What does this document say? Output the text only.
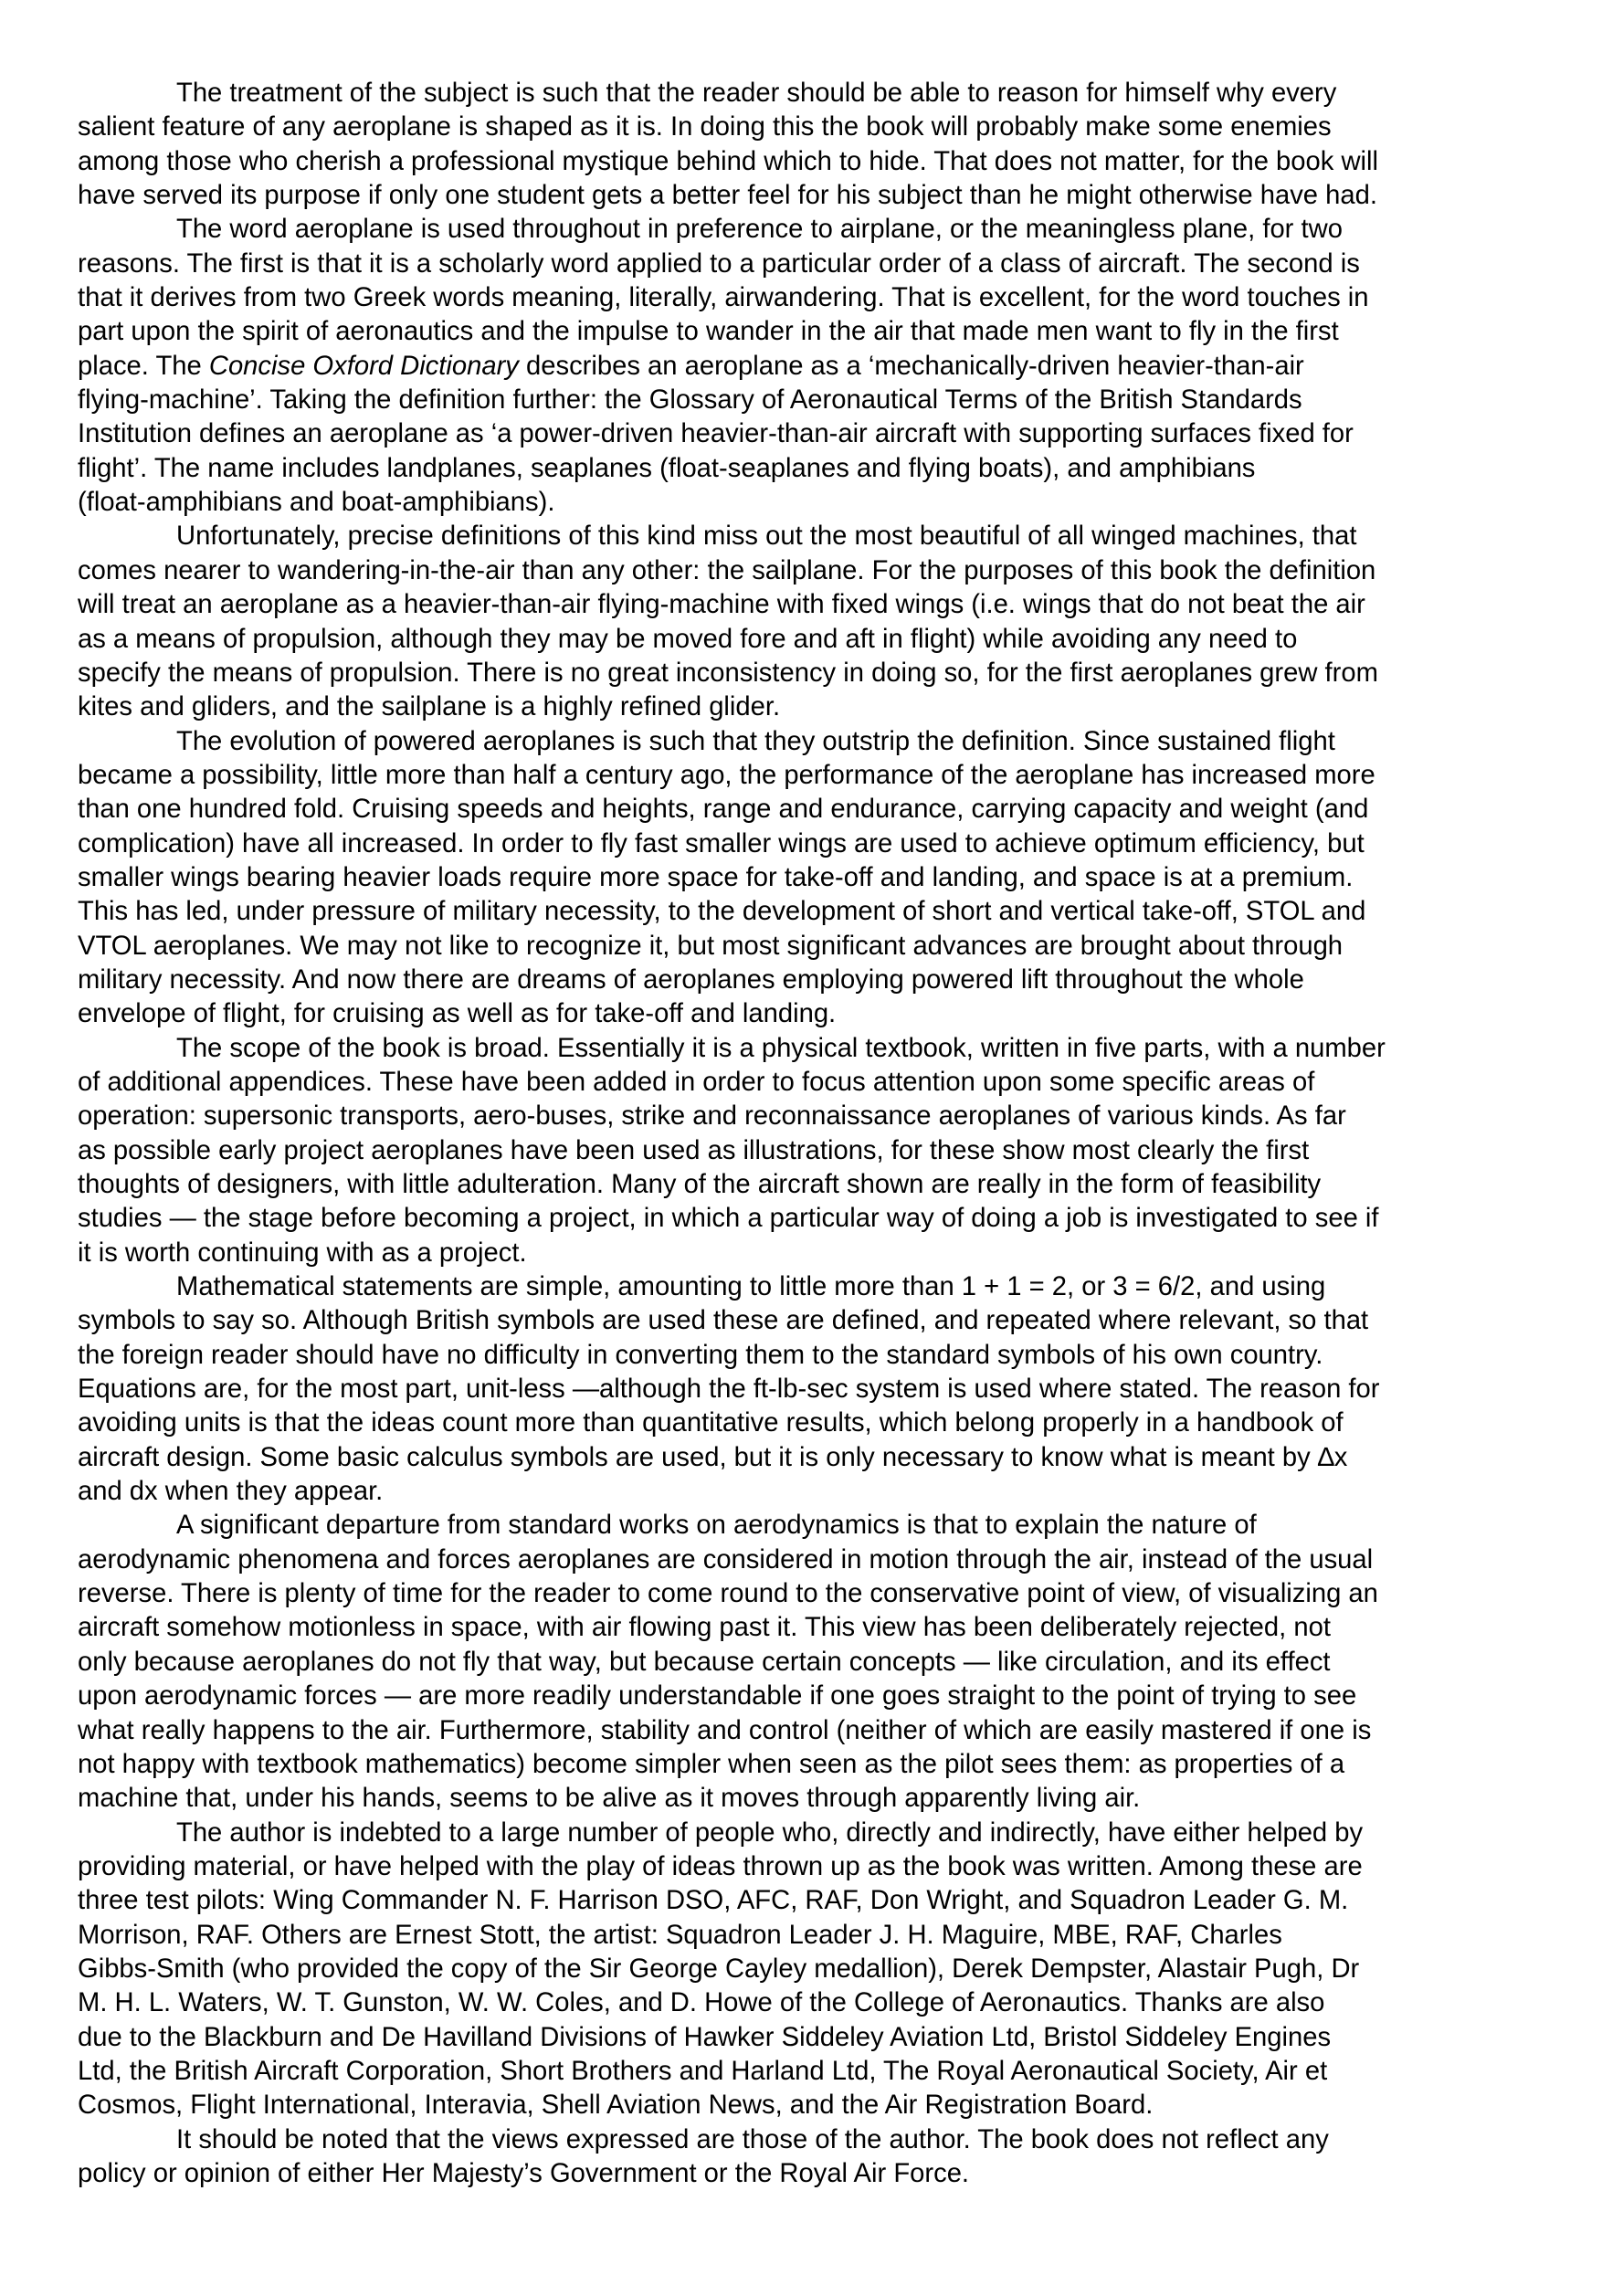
The treatment of the subject is such that the reader should be able to reason for himself why every
salient feature of any aeroplane is shaped as it is. In doing this the book will probably make some enemies
among those who cherish a professional mystique behind which to hide. That does not matter, for the book will
have served its purpose if only one student gets a better feel for his subject than he might otherwise have had.
The word aeroplane is used throughout in preference to airplane, or the meaningless plane, for two
reasons. The first is that it is a scholarly word applied to a particular order of a class of aircraft. The second is
that it derives from two Greek words meaning, literally, airwandering. That is excellent, for the word touches in
part upon the spirit of aeronautics and the impulse to wander in the air that made men want to fly in the first
place. The Concise Oxford Dictionary describes an aeroplane as a ‘mechanically-driven heavier-than-air
flying-machine’. Taking the definition further: the Glossary of Aeronautical Terms of the British Standards
Institution defines an aeroplane as ‘a power-driven heavier-than-air aircraft with supporting surfaces fixed for
flight’. The name includes landplanes, seaplanes (float-seaplanes and flying boats), and amphibians
(float-amphibians and boat-amphibians).
Unfortunately, precise definitions of this kind miss out the most beautiful of all winged machines, that
comes nearer to wandering-in-the-air than any other: the sailplane. For the purposes of this book the definition
will treat an aeroplane as a heavier-than-air flying-machine with fixed wings (i.e. wings that do not beat the air
as a means of propulsion, although they may be moved fore and aft in flight) while avoiding any need to
specify the means of propulsion. There is no great inconsistency in doing so, for the first aeroplanes grew from
kites and gliders, and the sailplane is a highly refined glider.
The evolution of powered aeroplanes is such that they outstrip the definition. Since sustained flight
became a possibility, little more than half a century ago, the performance of the aeroplane has increased more
than one hundred fold. Cruising speeds and heights, range and endurance, carrying capacity and weight (and
complication) have all increased. In order to fly fast smaller wings are used to achieve optimum efficiency, but
smaller wings bearing heavier loads require more space for take-off and landing, and space is at a premium.
This has led, under pressure of military necessity, to the development of short and vertical take-off, STOL and
VTOL aeroplanes. We may not like to recognize it, but most significant advances are brought about through
military necessity. And now there are dreams of aeroplanes employing powered lift throughout the whole
envelope of flight, for cruising as well as for take-off and landing.
The scope of the book is broad. Essentially it is a physical textbook, written in five parts, with a number
of additional appendices. These have been added in order to focus attention upon some specific areas of
operation: supersonic transports, aero-buses, strike and reconnaissance aeroplanes of various kinds. As far
as possible early project aeroplanes have been used as illustrations, for these show most clearly the first
thoughts of designers, with little adulteration. Many of the aircraft shown are really in the form of feasibility
studies — the stage before becoming a project, in which a particular way of doing a job is investigated to see if
it is worth continuing with as a project.
Mathematical statements are simple, amounting to little more than 1 + 1 = 2, or 3 = 6/2, and using
symbols to say so. Although British symbols are used these are defined, and repeated where relevant, so that
the foreign reader should have no difficulty in converting them to the standard symbols of his own country.
Equations are, for the most part, unit-less —although the ft-lb-sec system is used where stated. The reason for
avoiding units is that the ideas count more than quantitative results, which belong properly in a handbook of
aircraft design. Some basic calculus symbols are used, but it is only necessary to know what is meant by ∆x
and dx when they appear.
A significant departure from standard works on aerodynamics is that to explain the nature of
aerodynamic phenomena and forces aeroplanes are considered in motion through the air, instead of the usual
reverse. There is plenty of time for the reader to come round to the conservative point of view, of visualizing an
aircraft somehow motionless in space, with air flowing past it. This view has been deliberately rejected, not
only because aeroplanes do not fly that way, but because certain concepts — like circulation, and its effect
upon aerodynamic forces — are more readily understandable if one goes straight to the point of trying to see
what really happens to the air. Furthermore, stability and control (neither of which are easily mastered if one is
not happy with textbook mathematics) become simpler when seen as the pilot sees them: as properties of a
machine that, under his hands, seems to be alive as it moves through apparently living air.
The author is indebted to a large number of people who, directly and indirectly, have either helped by
providing material, or have helped with the play of ideas thrown up as the book was written. Among these are
three test pilots: Wing Commander N. F. Harrison DSO, AFC, RAF, Don Wright, and Squadron Leader G. M.
Morrison, RAF. Others are Ernest Stott, the artist: Squadron Leader J. H. Maguire, MBE, RAF, Charles
Gibbs-Smith (who provided the copy of the Sir George Cayley medallion), Derek Dempster, Alastair Pugh, Dr
M. H. L. Waters, W. T. Gunston, W. W. Coles, and D. Howe of the College of Aeronautics. Thanks are also
due to the Blackburn and De Havilland Divisions of Hawker Siddeley Aviation Ltd, Bristol Siddeley Engines
Ltd, the British Aircraft Corporation, Short Brothers and Harland Ltd, The Royal Aeronautical Society, Air et
Cosmos, Flight International, Interavia, Shell Aviation News, and the Air Registration Board.
It should be noted that the views expressed are those of the author. The book does not reflect any
policy or opinion of either Her Majesty’s Government or the Royal Air Force.
